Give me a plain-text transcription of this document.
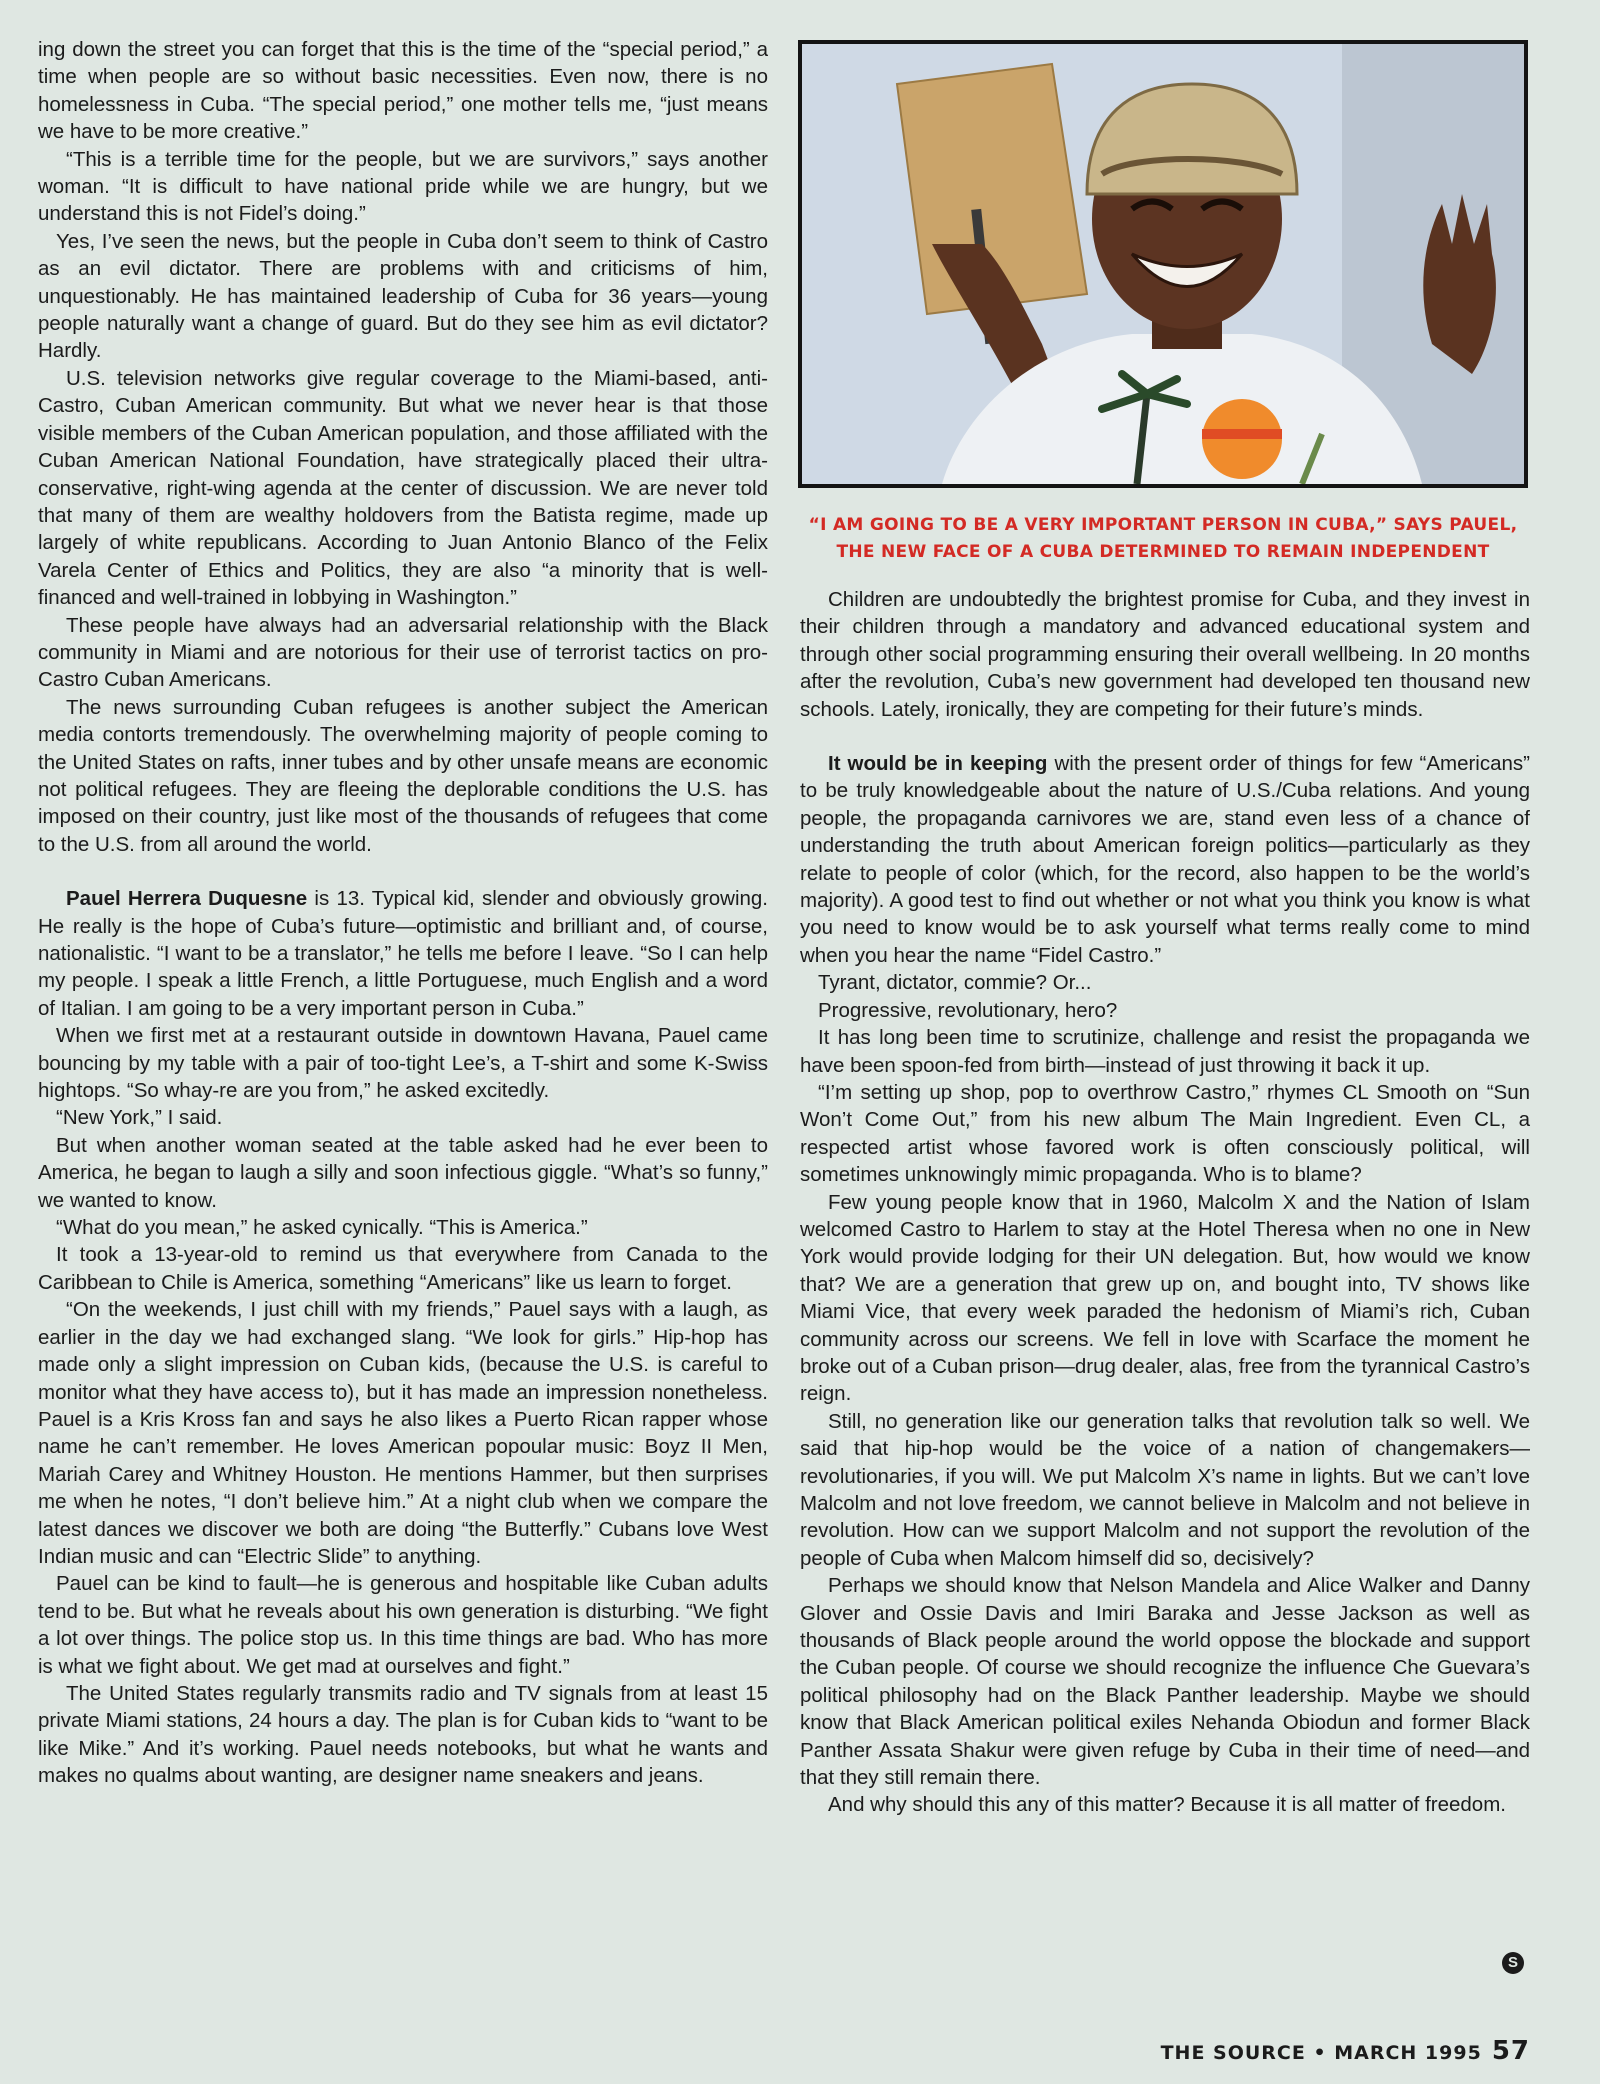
ing down the street you can forget that this is the time of the “special period,” a time when people are so without basic necessities. Even now, there is no homelessness in Cuba. “The special period,” one mother tells me, “just means we have to be more creative.”

“This is a terrible time for the people, but we are survivors,” says another woman. “It is difficult to have national pride while we are hungry, but we understand this is not Fidel’s doing.”

Yes, I’ve seen the news, but the people in Cuba don’t seem to think of Castro as an evil dictator. There are problems with and criticisms of him, unquestionably. He has maintained leadership of Cuba for 36 years—young people naturally want a change of guard. But do they see him as evil dictator? Hardly.

U.S. television networks give regular coverage to the Miami-based, anti-Castro, Cuban American community. But what we never hear is that those visible members of the Cuban American population, and those affiliated with the Cuban American National Foundation, have strategically placed their ultra-conservative, right-wing agenda at the center of discussion. We are never told that many of them are wealthy holdovers from the Batista regime, made up largely of white republicans. According to Juan Antonio Blanco of the Felix Varela Center of Ethics and Politics, they are also “a minority that is well-financed and well-trained in lobbying in Washington.”

These people have always had an adversarial relationship with the Black community in Miami and are notorious for their use of terrorist tactics on pro-Castro Cuban Americans.

The news surrounding Cuban refugees is another subject the American media contorts tremendously. The overwhelming majority of people coming to the United States on rafts, inner tubes and by other unsafe means are economic not political refugees. They are fleeing the deplorable conditions the U.S. has imposed on their country, just like most of the thousands of refugees that come to the U.S. from all around the world.

Pauel Herrera Duquesne is 13. Typical kid, slender and obviously growing. He really is the hope of Cuba’s future—optimistic and brilliant and, of course, nationalistic. “I want to be a translator,” he tells me before I leave. “So I can help my people. I speak a little French, a little Portuguese, much English and a word of Italian. I am going to be a very important person in Cuba.”

When we first met at a restaurant outside in downtown Havana, Pauel came bouncing by my table with a pair of too-tight Lee’s, a T-shirt and some K-Swiss hightops. “So whay-re are you from,” he asked excitedly.

“New York,” I said.

But when another woman seated at the table asked had he ever been to America, he began to laugh a silly and soon infectious giggle. “What’s so funny,” we wanted to know.

“What do you mean,” he asked cynically. “This is America.”

It took a 13-year-old to remind us that everywhere from Canada to the Caribbean to Chile is America, something “Americans” like us learn to forget.

“On the weekends, I just chill with my friends,” Pauel says with a laugh, as earlier in the day we had exchanged slang. “We look for girls.” Hip-hop has made only a slight impression on Cuban kids, (because the U.S. is careful to monitor what they have access to), but it has made an impression nonetheless. Pauel is a Kris Kross fan and says he also likes a Puerto Rican rapper whose name he can’t remember. He loves American popoular music: Boyz II Men, Mariah Carey and Whitney Houston. He mentions Hammer, but then surprises me when he notes, “I don’t believe him.” At a night club when we compare the latest dances we discover we both are doing “the Butterfly.” Cubans love West Indian music and can “Electric Slide” to anything.

Pauel can be kind to fault—he is generous and hospitable like Cuban adults tend to be. But what he reveals about his own generation is disturbing. “We fight a lot over things. The police stop us. In this time things are bad. Who has more is what we fight about. We get mad at ourselves and fight.”

The United States regularly transmits radio and TV signals from at least 15 private Miami stations, 24 hours a day. The plan is for Cuban kids to “want to be like Mike.” And it’s working. Pauel needs notebooks, but what he wants and makes no qualms about wanting, are designer name sneakers and jeans.

“I AM GOING TO BE A VERY IMPORTANT PERSON IN CUBA,” SAYS PAUEL,
THE NEW FACE OF A CUBA DETERMINED TO REMAIN INDEPENDENT

Children are undoubtedly the brightest promise for Cuba, and they invest in their children through a mandatory and advanced educational system and through other social programming ensuring their overall wellbeing. In 20 months after the revolution, Cuba’s new government had developed ten thousand new schools. Lately, ironically, they are competing for their future’s minds.

It would be in keeping with the present order of things for few “Americans” to be truly knowledgeable about the nature of U.S./Cuba relations. And young people, the propaganda carnivores we are, stand even less of a chance of understanding the truth about American foreign politics—particularly as they relate to people of color (which, for the record, also happen to be the world’s majority). A good test to find out whether or not what you think you know is what you need to know would be to ask yourself what terms really come to mind when you hear the name “Fidel Castro.”

Tyrant, dictator, commie? Or...

Progressive, revolutionary, hero?

It has long been time to scrutinize, challenge and resist the propaganda we have been spoon-fed from birth—instead of just throwing it back it up.

“I’m setting up shop, pop to overthrow Castro,” rhymes CL Smooth on “Sun Won’t Come Out,” from his new album The Main Ingredient. Even CL, a respected artist whose favored work is often consciously political, will sometimes unknowingly mimic propaganda. Who is to blame?

Few young people know that in 1960, Malcolm X and the Nation of Islam welcomed Castro to Harlem to stay at the Hotel Theresa when no one in New York would provide lodging for their UN delegation. But, how would we know that? We are a generation that grew up on, and bought into, TV shows like Miami Vice, that every week paraded the hedonism of Miami’s rich, Cuban community across our screens. We fell in love with Scarface the moment he broke out of a Cuban prison—drug dealer, alas, free from the tyrannical Castro’s reign.

Still, no generation like our generation talks that revolution talk so well. We said that hip-hop would be the voice of a nation of changemakers—revolutionaries, if you will. We put Malcolm X’s name in lights. But we can’t love Malcolm and not love freedom, we cannot believe in Malcolm and not believe in revolution. How can we support Malcolm and not support the revolution of the people of Cuba when Malcom himself did so, decisively?

Perhaps we should know that Nelson Mandela and Alice Walker and Danny Glover and Ossie Davis and Imiri Baraka and Jesse Jackson as well as thousands of Black people around the world oppose the blockade and support the Cuban people. Of course we should recognize the influence Che Guevara’s political philosophy had on the Black Panther leadership. Maybe we should know that Black American political exiles Nehanda Obiodun and former Black Panther Assata Shakur were given refuge by Cuba in their time of need—and that they still remain there.

And why should this any of this matter? Because it is all matter of freedom.

S
THE SOURCE • MARCH 1995 57
